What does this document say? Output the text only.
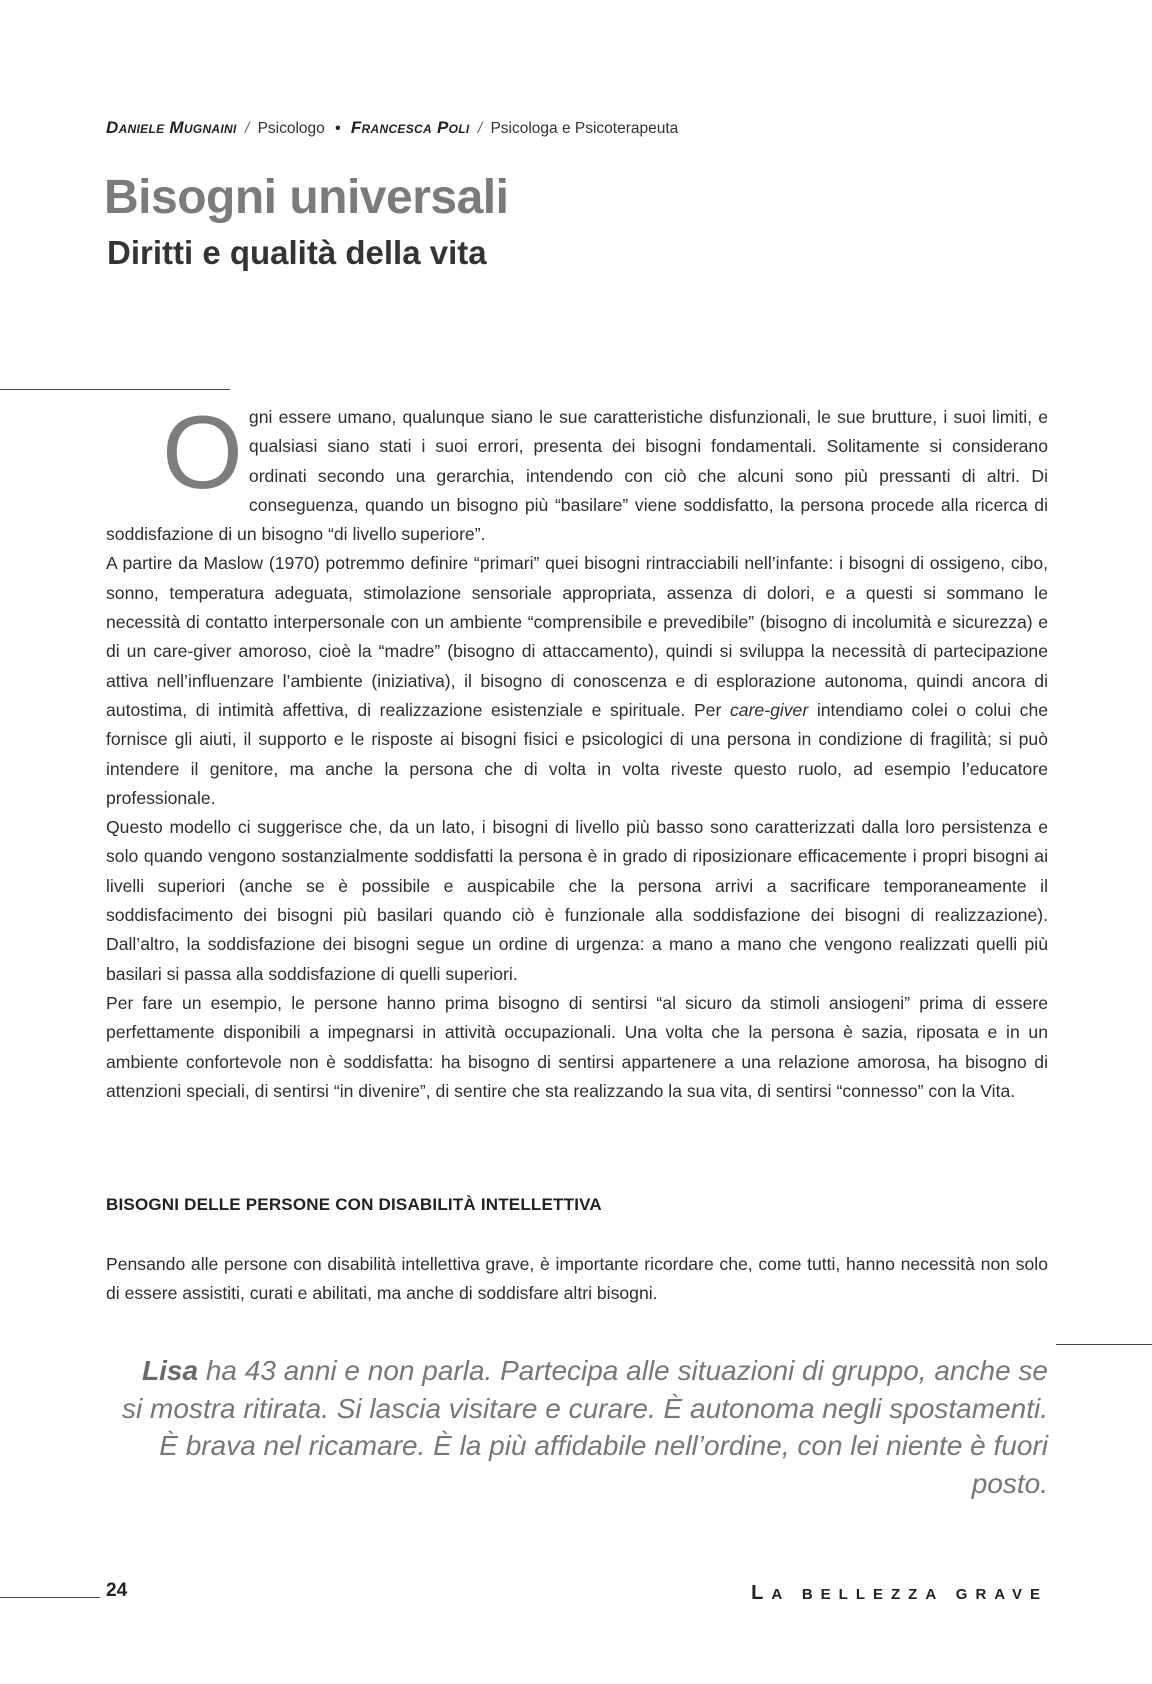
Daniele Mugnaini / Psicologo • Francesca Poli / Psicologa e Psicoterapeuta
Bisogni universali
Diritti e qualità della vita

Ogni essere umano, qualunque siano le sue caratteristiche disfunzionali, le sue brutture, i suoi limiti, e qualsiasi siano stati i suoi errori, presenta dei bisogni fondamentali. Solitamente si considerano ordinati secondo una gerarchia, intendendo con ciò che alcuni sono più pressanti di altri. Di conseguenza, quando un bisogno più “basilare” viene soddisfatto, la persona procede alla ricerca di soddisfazione di un bisogno “di livello superiore”.

A partire da Maslow (1970) potremmo definire “primari” quei bisogni rintracciabili nell’infante: i bisogni di ossigeno, cibo, sonno, temperatura adeguata, stimolazione sensoriale appropriata, assenza di dolori, e a questi si sommano le necessità di contatto interpersonale con un ambiente “comprensibile e prevedibile” (bisogno di incolumità e sicurezza) e di un care-giver amoroso, cioè la “madre” (bisogno di attaccamento), quindi si sviluppa la necessità di partecipazione attiva nell’influenzare l’ambiente (iniziativa), il bisogno di conoscenza e di esplorazione autonoma, quindi ancora di autostima, di intimità affettiva, di realizzazione esistenziale e spirituale. Per care-giver intendiamo colei o colui che fornisce gli aiuti, il supporto e le risposte ai bisogni fisici e psicologici di una persona in condizione di fragilità; si può intendere il genitore, ma anche la persona che di volta in volta riveste questo ruolo, ad esempio l’educatore professionale.

Questo modello ci suggerisce che, da un lato, i bisogni di livello più basso sono caratterizzati dalla loro persistenza e solo quando vengono sostanzialmente soddisfatti la persona è in grado di riposizionare efficacemente i propri bisogni ai livelli superiori (anche se è possibile e auspicabile che la persona arrivi a sacrificare temporaneamente il soddisfacimento dei bisogni più basilari quando ciò è funzionale alla soddisfazione dei bisogni di realizzazione). Dall’altro, la soddisfazione dei bisogni segue un ordine di urgenza: a mano a mano che vengono realizzati quelli più basilari si passa alla soddisfazione di quelli superiori.

Per fare un esempio, le persone hanno prima bisogno di sentirsi “al sicuro da stimoli ansiogeni” prima di essere perfettamente disponibili a impegnarsi in attività occupazionali. Una volta che la persona è sazia, riposata e in un ambiente confortevole non è soddisfatta: ha bisogno di sentirsi appartenere a una relazione amorosa, ha bisogno di attenzioni speciali, di sentirsi “in divenire”, di sentire che sta realizzando la sua vita, di sentirsi “connesso” con la Vita.

BISOGNI DELLE PERSONE CON DISABILITÀ INTELLETTIVA

Pensando alle persone con disabilità intellettiva grave, è importante ricordare che, come tutti, hanno necessità non solo di essere assistiti, curati e abilitati, ma anche di soddisfare altri bisogni.

Lisa ha 43 anni e non parla. Partecipa alle situazioni di gruppo, anche se si mostra ritirata. Si lascia visitare e curare. È autonoma negli spostamenti. È brava nel ricamare. È la più affidabile nell’ordine, con lei niente è fuori posto.

24	LA BELLEZZA GRAVE
